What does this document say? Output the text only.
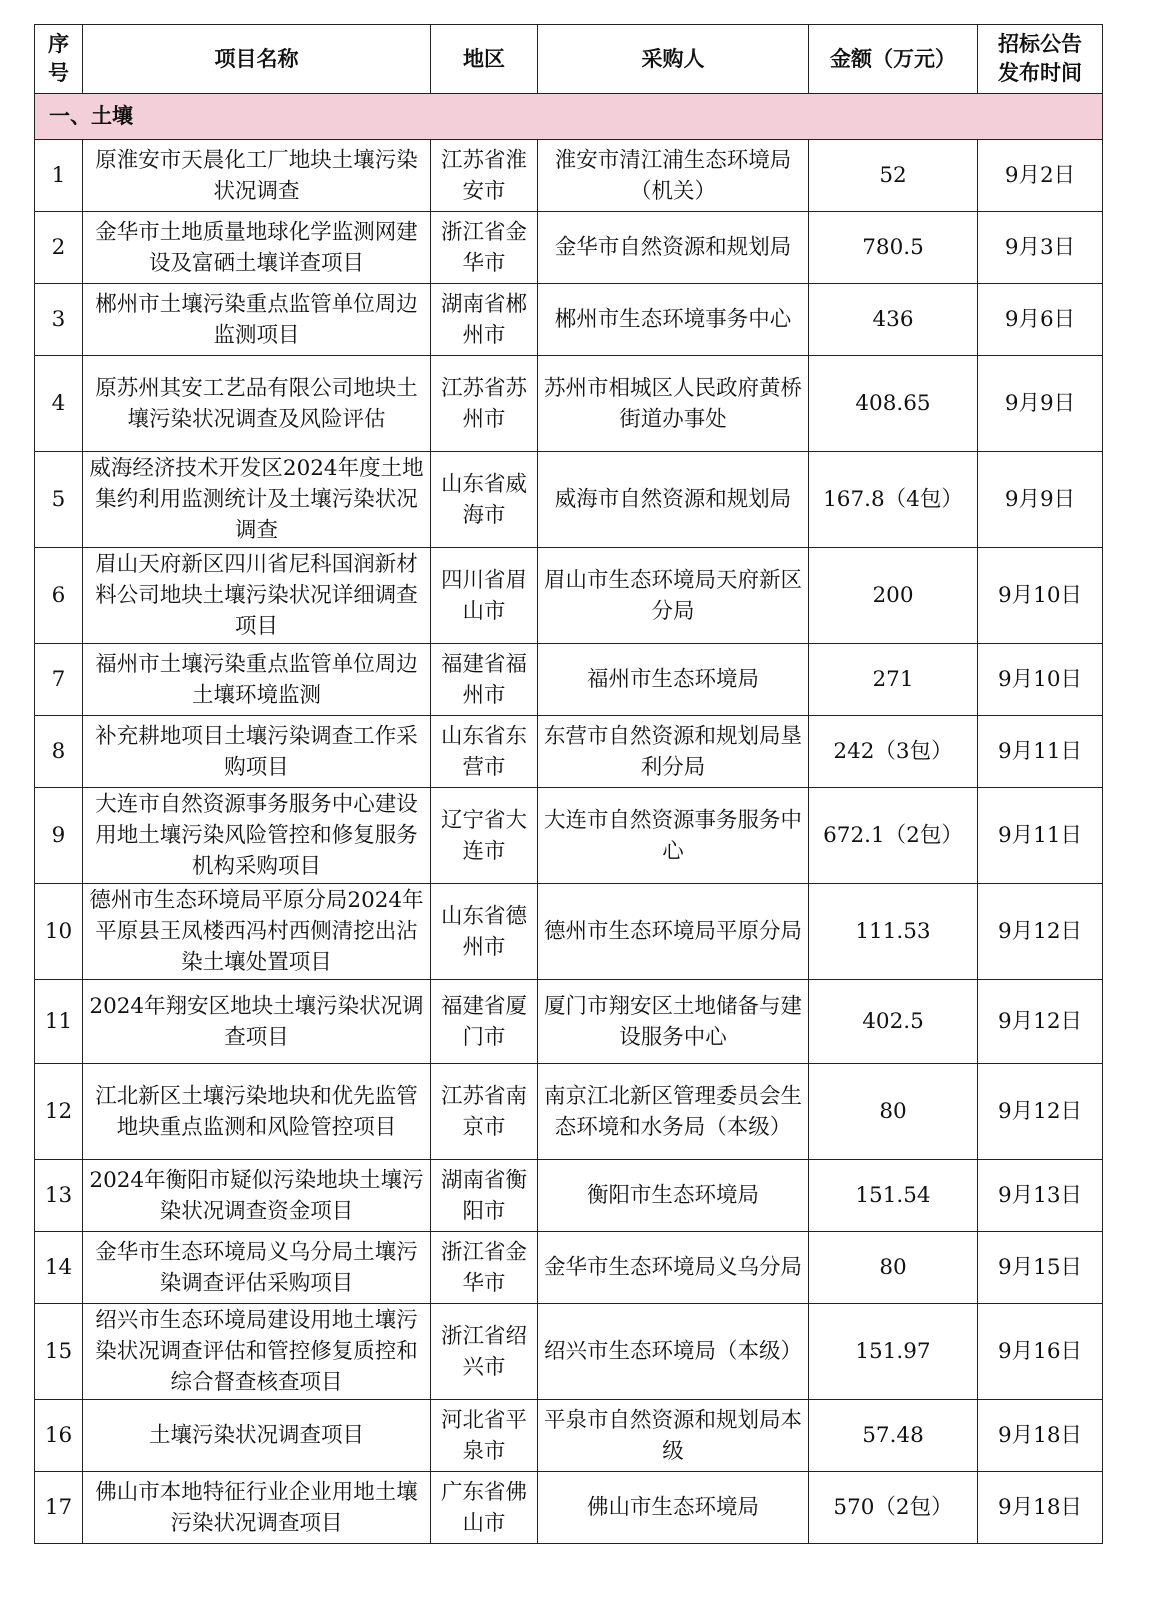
序号	项目名称	地区	采购人	金额（万元）	招标公告发布时间
一、土壤					
1	原淮安市天晨化工厂地块土壤污染状况调查	江苏省淮安市	淮安市清江浦生态环境局（机关）	52	9月2日
2	金华市土地质量地球化学监测网建设及富硒土壤详查项目	浙江省金华市	金华市自然资源和规划局	780.5	9月3日
3	郴州市土壤污染重点监管单位周边监测项目	湖南省郴州市	郴州市生态环境事务中心	436	9月6日
4	原苏州其安工艺品有限公司地块土壤污染状况调查及风险评估	江苏省苏州市	苏州市相城区人民政府黄桥街道办事处	408.65	9月9日
5	威海经济技术开发区2024年度土地集约利用监测统计及土壤污染状况调查	山东省威海市	威海市自然资源和规划局	167.8（4包）	9月9日
6	眉山天府新区四川省尼科国润新材料公司地块土壤污染状况详细调查项目	四川省眉山市	眉山市生态环境局天府新区分局	200	9月10日
7	福州市土壤污染重点监管单位周边土壤环境监测	福建省福州市	福州市生态环境局	271	9月10日
8	补充耕地项目土壤污染调查工作采购项目	山东省东营市	东营市自然资源和规划局垦利分局	242（3包）	9月11日
9	大连市自然资源事务服务中心建设用地土壤污染风险管控和修复服务机构采购项目	辽宁省大连市	大连市自然资源事务服务中心	672.1（2包）	9月11日
10	德州市生态环境局平原分局2024年平原县王凤楼西冯村西侧清挖出沾染土壤处置项目	山东省德州市	德州市生态环境局平原分局	111.53	9月12日
11	2024年翔安区地块土壤污染状况调查项目	福建省厦门市	厦门市翔安区土地储备与建设服务中心	402.5	9月12日
12	江北新区土壤污染地块和优先监管地块重点监测和风险管控项目	江苏省南京市	南京江北新区管理委员会生态环境和水务局（本级）	80	9月12日
13	2024年衡阳市疑似污染地块土壤污染状况调查资金项目	湖南省衡阳市	衡阳市生态环境局	151.54	9月13日
14	金华市生态环境局义乌分局土壤污染调查评估采购项目	浙江省金华市	金华市生态环境局义乌分局	80	9月15日
15	绍兴市生态环境局建设用地土壤污染状况调查评估和管控修复质控和综合督查核查项目	浙江省绍兴市	绍兴市生态环境局（本级）	151.97	9月16日
16	土壤污染状况调查项目	河北省平泉市	平泉市自然资源和规划局本级	57.48	9月18日
17	佛山市本地特征行业企业用地土壤污染状况调查项目	广东省佛山市	佛山市生态环境局	570（2包）	9月18日
